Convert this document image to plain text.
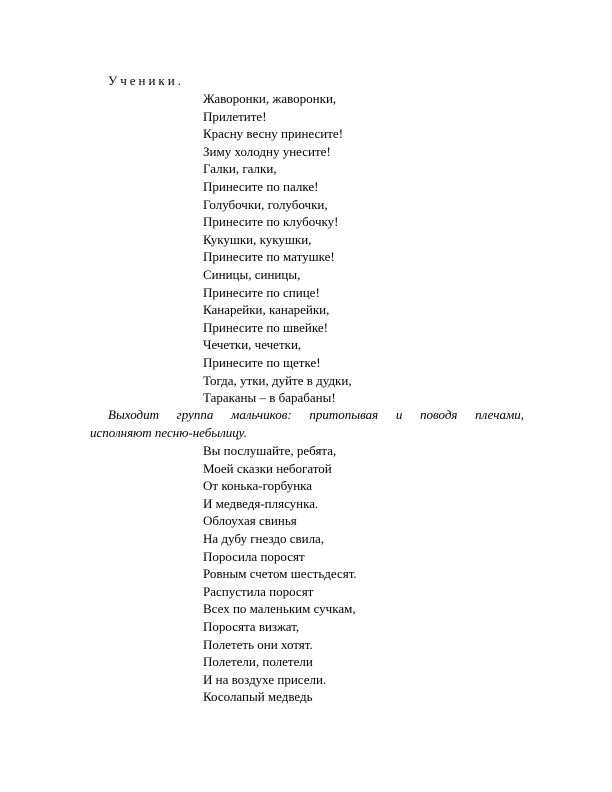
Ученики.
Жаворонки, жаворонки,
Прилетите!
Красну весну принесите!
Зиму холодну унесите!
Галки, галки,
Принесите по палке!
Голубочки, голубочки,
Принесите по клубочку!
Кукушки, кукушки,
Принесите по матушке!
Синицы, синицы,
Принесите по спице!
Канарейки, канарейки,
Принесите по швейке!
Чечетки, чечетки,
Принесите по щетке!
Тогда, утки, дуйте в дудки,
Тараканы – в барабаны!
Выходит группа мальчиков: притопывая и поводя плечами,
исполняют песню-небылицу.
Вы послушайте, ребята,
Моей сказки небогатой
От конька-горбунка
И медведя-плясунка.
Облоухая свинья
На дубу гнездо свила,
Поросила поросят
Ровным счетом шестьдесят.
Распустила поросят
Всех по маленьким сучкам,
Поросята визжат,
Полететь они хотят.
Полетели, полетели
И на воздухе присели.
Косолапый медведь
